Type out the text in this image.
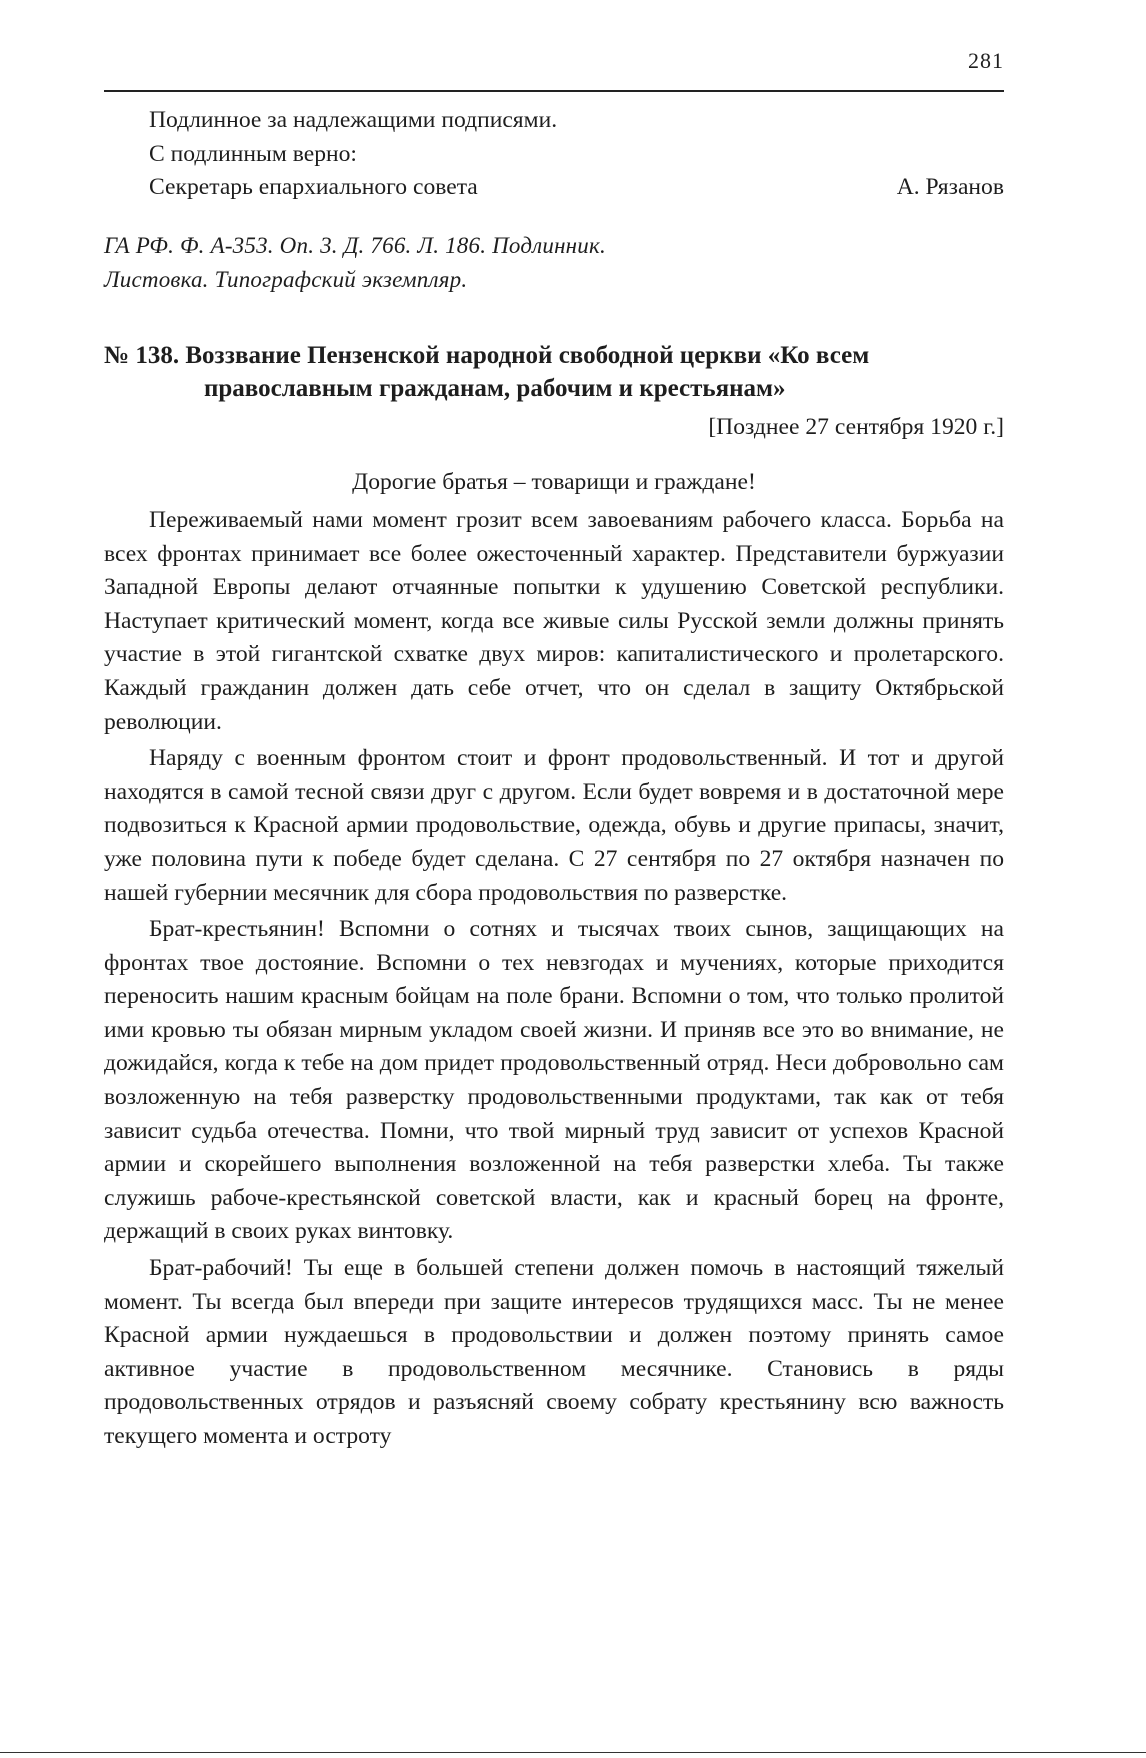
281
Подлинное за надлежащими подписями.
С подлинным верно:
Секретарь епархиального совета	А. Рязанов
ГА РФ. Ф. А-353. Оп. 3. Д. 766. Л. 186. Подлинник.
Листовка. Типографский экземпляр.
№ 138. Воззвание Пензенской народной свободной церкви «Ко всем православным гражданам, рабочим и крестьянам»
[Позднее 27 сентября 1920 г.]
Дорогие братья – товарищи и граждане!

Переживаемый нами момент грозит всем завоеваниям рабочего класса. Борьба на всех фронтах принимает все более ожесточенный характер. Представители буржуазии Западной Европы делают отчаянные попытки к удушению Советской республики. Наступает критический момент, когда все живые силы Русской земли должны принять участие в этой гигантской схватке двух миров: капиталистического и пролетарского. Каждый гражданин должен дать себе отчет, что он сделал в защиту Октябрьской революции.

Наряду с военным фронтом стоит и фронт продовольственный. И тот и другой находятся в самой тесной связи друг с другом. Если будет вовремя и в достаточной мере подвозиться к Красной армии продовольствие, одежда, обувь и другие припасы, значит, уже половина пути к победе будет сделана. С 27 сентября по 27 октября назначен по нашей губернии месячник для сбора продовольствия по разверстке.

Брат-крестьянин! Вспомни о сотнях и тысячах твоих сынов, защищающих на фронтах твое достояние. Вспомни о тех невзгодах и мучениях, которые приходится переносить нашим красным бойцам на поле брани. Вспомни о том, что только пролитой ими кровью ты обязан мирным укладом своей жизни. И приняв все это во внимание, не дожидайся, когда к тебе на дом придет продовольственный отряд. Неси добровольно сам возложенную на тебя разверстку продовольственными продуктами, так как от тебя зависит судьба отечества. Помни, что твой мирный труд зависит от успехов Красной армии и скорейшего выполнения возложенной на тебя разверстки хлеба. Ты также служишь рабоче-крестьянской советской власти, как и красный борец на фронте, держащий в своих руках винтовку.

Брат-рабочий! Ты еще в большей степени должен помочь в настоящий тяжелый момент. Ты всегда был впереди при защите интересов трудящихся масс. Ты не менее Красной армии нуждаешься в продовольствии и должен поэтому принять самое активное участие в продовольственном месячнике. Становись в ряды продовольственных отрядов и разъясняй своему собрату крестьянину всю важность текущего момента и остроту
